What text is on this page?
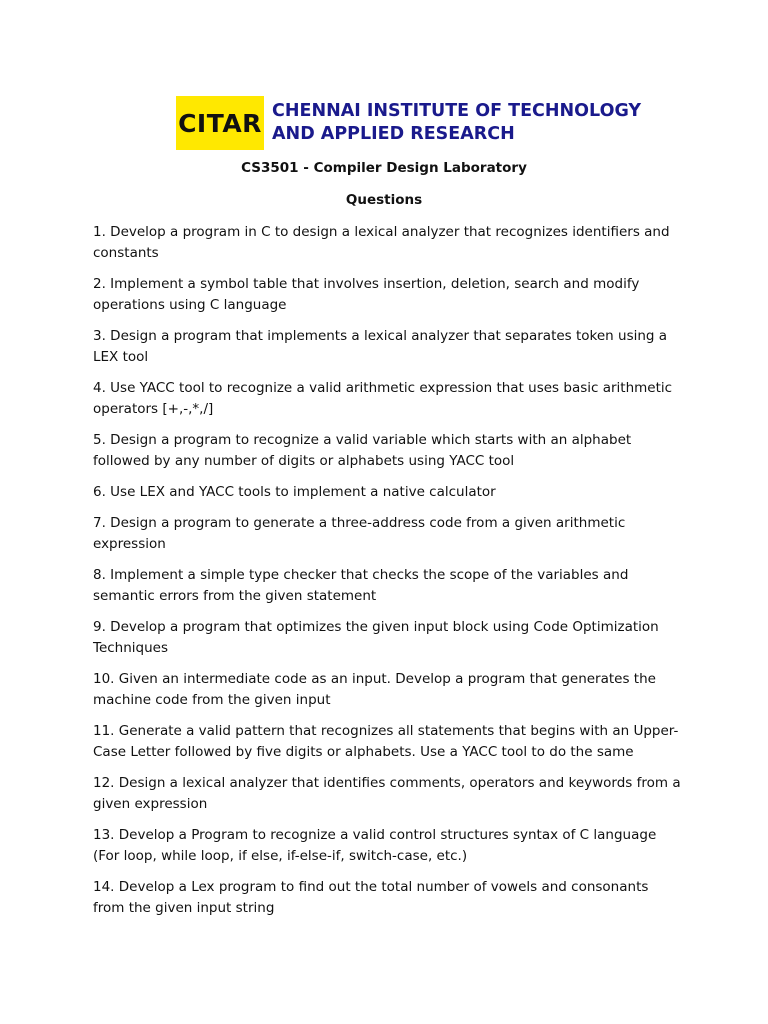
CITAR CHENNAI INSTITUTE OF TECHNOLOGY
AND APPLIED RESEARCH
CS3501 - Compiler Design Laboratory
Questions
1. Develop a program in C to design a lexical analyzer that recognizes identifiers and constants
2. Implement a symbol table that involves insertion, deletion, search and modify operations using C language
3. Design a program that implements a lexical analyzer that separates token using a LEX tool
4. Use YACC tool to recognize a valid arithmetic expression that uses basic arithmetic operators [+,-,*,/]
5. Design a program to recognize a valid variable which starts with an alphabet followed by any number of digits or alphabets using YACC tool
6. Use LEX and YACC tools to implement a native calculator
7. Design a program to generate a three-address code from a given arithmetic expression
8. Implement a simple type checker that checks the scope of the variables and semantic errors from the given statement
9. Develop a program that optimizes the given input block using Code Optimization Techniques
10. Given an intermediate code as an input. Develop a program that generates the machine code from the given input
11. Generate a valid pattern that recognizes all statements that begins with an Upper-Case Letter followed by five digits or alphabets. Use a YACC tool to do the same
12. Design a lexical analyzer that identifies comments, operators and keywords from a given expression
13. Develop a Program to recognize a valid control structures syntax of C language (For loop, while loop, if else, if-else-if, switch-case, etc.)
14. Develop a Lex program to find out the total number of vowels and consonants from the given input string
